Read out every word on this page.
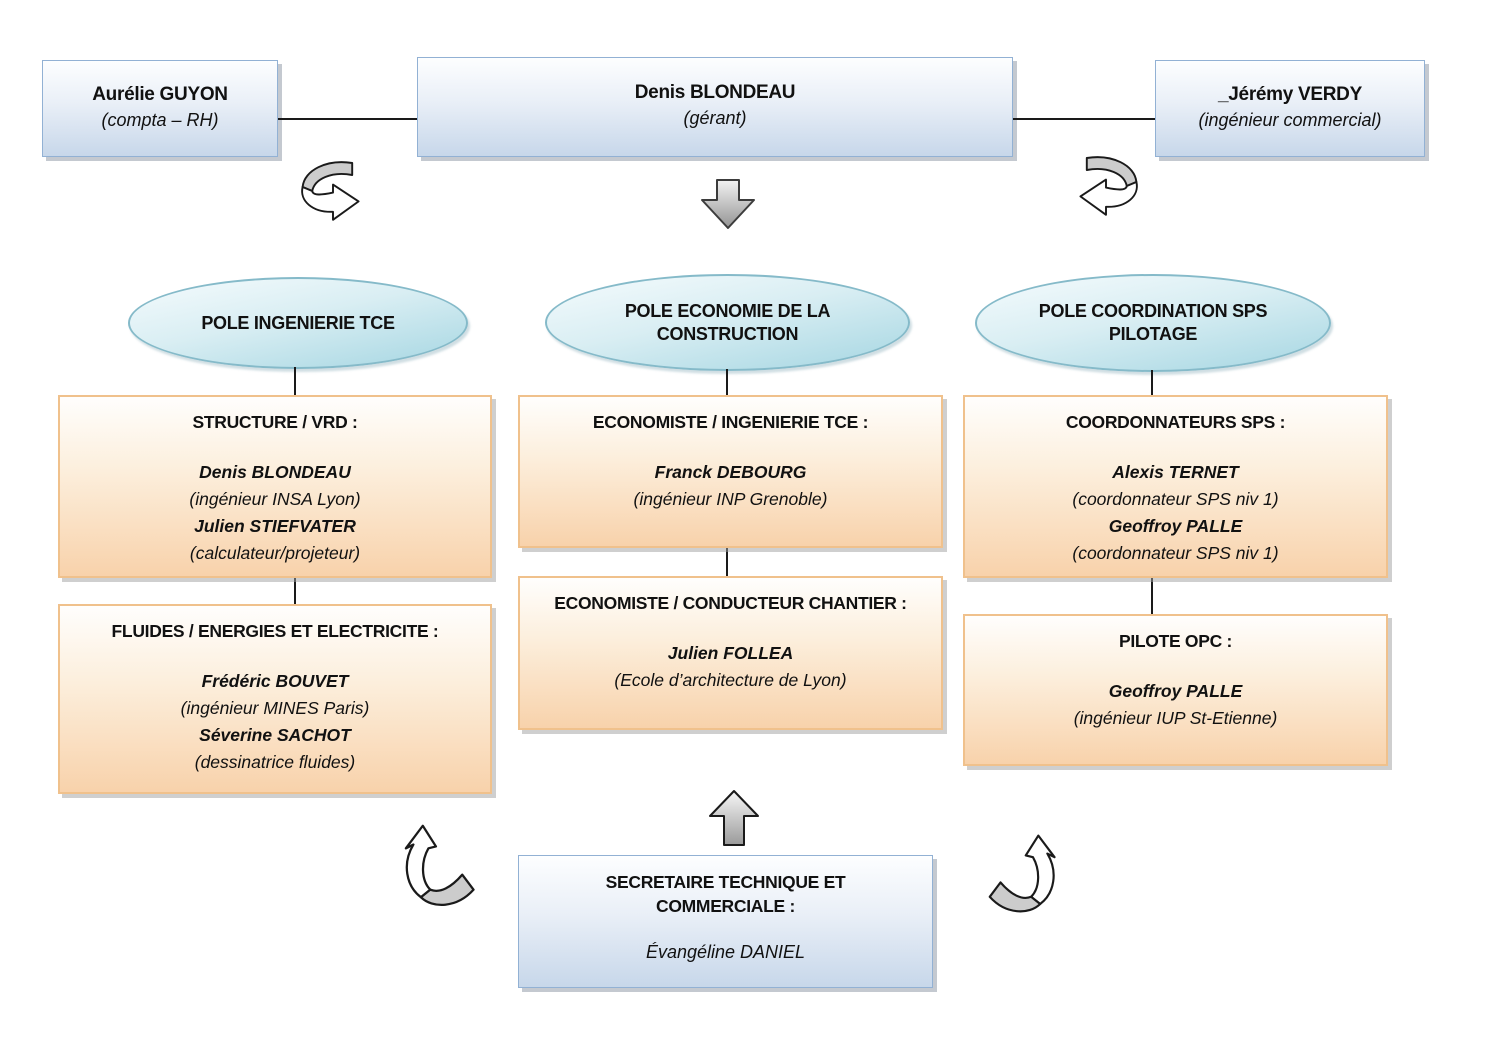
Aurélie GUYON
(compta – RH)
Denis BLONDEAU
(gérant)
_Jérémy VERDY
(ingénieur commercial)
POLE INGENIERIE TCE
POLE ECONOMIE DE LA CONSTRUCTION
POLE COORDINATION SPS PILOTAGE
STRUCTURE / VRD :
Denis BLONDEAU
(ingénieur INSA Lyon)
Julien STIEFVATER
(calculateur/projeteur)
FLUIDES / ENERGIES ET ELECTRICITE :
Frédéric BOUVET
(ingénieur MINES Paris)
Séverine SACHOT
(dessinatrice fluides)
ECONOMISTE / INGENIERIE TCE :
Franck DEBOURG
(ingénieur INP Grenoble)
ECONOMISTE / CONDUCTEUR CHANTIER :
Julien FOLLEA
(Ecole d’architecture de Lyon)
COORDONNATEURS SPS :
Alexis TERNET
(coordonnateur SPS niv 1)
Geoffroy PALLE
(coordonnateur SPS niv 1)
PILOTE OPC :
Geoffroy PALLE
(ingénieur IUP St-Etienne)
SECRETAIRE TECHNIQUE ET COMMERCIALE :
Évangéline DANIEL
